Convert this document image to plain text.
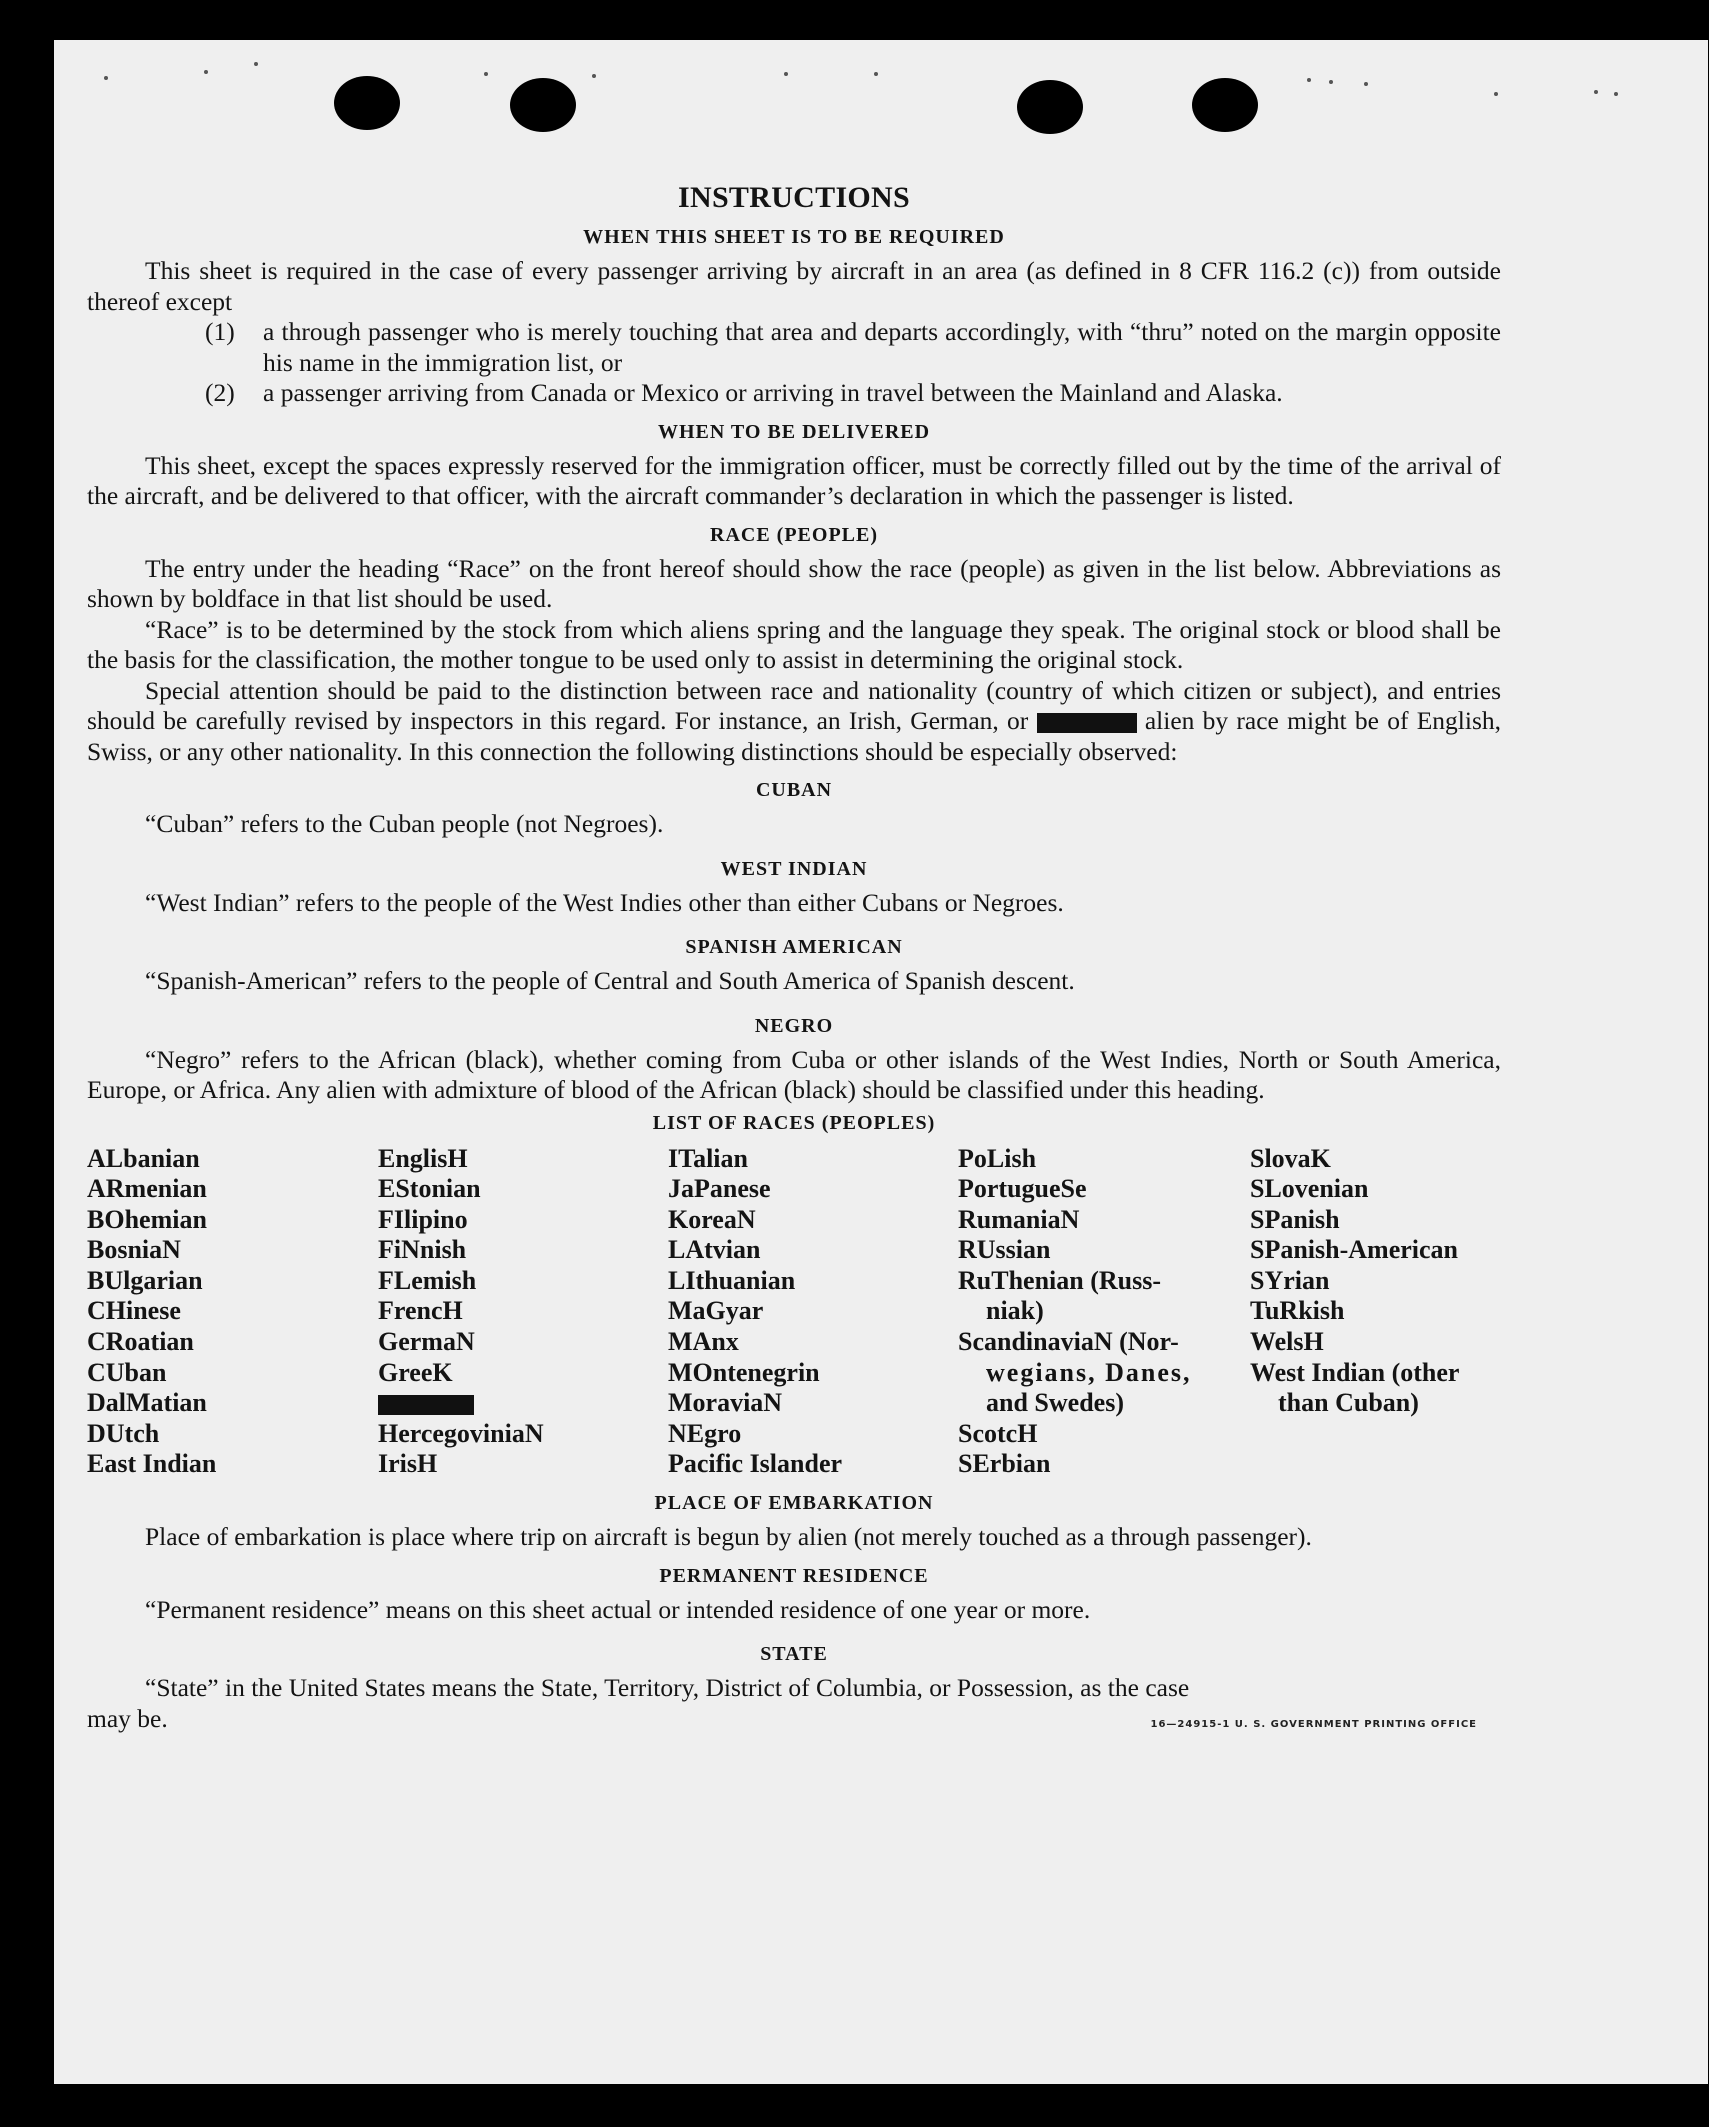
INSTRUCTIONS
WHEN THIS SHEET IS TO BE REQUIRED

This sheet is required in the case of every passenger arriving by aircraft in an area (as defined in 8 CFR 116.2 (c)) from outside thereof except

(1)	a through passenger who is merely touching that area and departs accordingly, with “thru” noted on the margin opposite his name in the immigration list, or
(2)	a passenger arriving from Canada or Mexico or arriving in travel between the Mainland and Alaska.
WHEN TO BE DELIVERED

This sheet, except the spaces expressly reserved for the immigration officer, must be correctly filled out by the time of the arrival of the aircraft, and be delivered to that officer, with the aircraft commander’s declaration in which the passenger is listed.

RACE (PEOPLE)

The entry under the heading “Race” on the front hereof should show the race (people) as given in the list below. Abbreviations as shown by boldface in that list should be used.

“Race” is to be determined by the stock from which aliens spring and the language they speak. The original stock or blood shall be the basis for the classification, the mother tongue to be used only to assist in determining the original stock.

Special attention should be paid to the distinction between race and nationality (country of which citizen or subject), and entries should be carefully revised by inspectors in this regard. For instance, an Irish, German, or	alien by race might be of English, Swiss, or any other nationality. In this connection the following distinctions should be especially observed:

CUBAN

“Cuban” refers to the Cuban people (not Negroes).

WEST INDIAN

“West Indian” refers to the people of the West Indies other than either Cubans or Negroes.

SPANISH AMERICAN

“Spanish-American” refers to the people of Central and South America of Spanish descent.

NEGRO

“Negro” refers to the African (black), whether coming from Cuba or other islands of the West Indies, North or South America, Europe, or Africa. Any alien with admixture of blood of the African (black) should be classified under this heading.

LIST OF RACES (PEOPLES)
ALbanian
ARmenian
BOhemian
BosniaN
BUlgarian
CHinese
CRoatian
CUban
DalMatian
DUtch
East Indian
EnglisH
EStonian
FIlipino
FiNnish
FLemish
FrencH
GermaN
GreeK
HercegoviniaN
IrisH
ITalian
JaPanese
KoreaN
LAtvian
LIthuanian
MaGyar
MAnx
MOntenegrin
MoraviaN
NEgro
Pacific Islander
PoLish
PortugueSe
RumaniaN
RUssian
RuThenian (Russ-
niak)
ScandinaviaN (Nor-
wegians, Danes,
and Swedes)
ScotcH
SErbian
SlovaK
SLovenian
SPanish
SPanish-American
SYrian
TuRkish
WelsH
West Indian (other
than Cuban)
PLACE OF EMBARKATION

Place of embarkation is place where trip on aircraft is begun by alien (not merely touched as a through passenger).

PERMANENT RESIDENCE

“Permanent residence” means on this sheet actual or intended residence of one year or more.

STATE

“State” in the United States means the State, Territory, District of Columbia, or Possession, as the case

may be.	16—24915-1 U. S. GOVERNMENT PRINTING OFFICE
